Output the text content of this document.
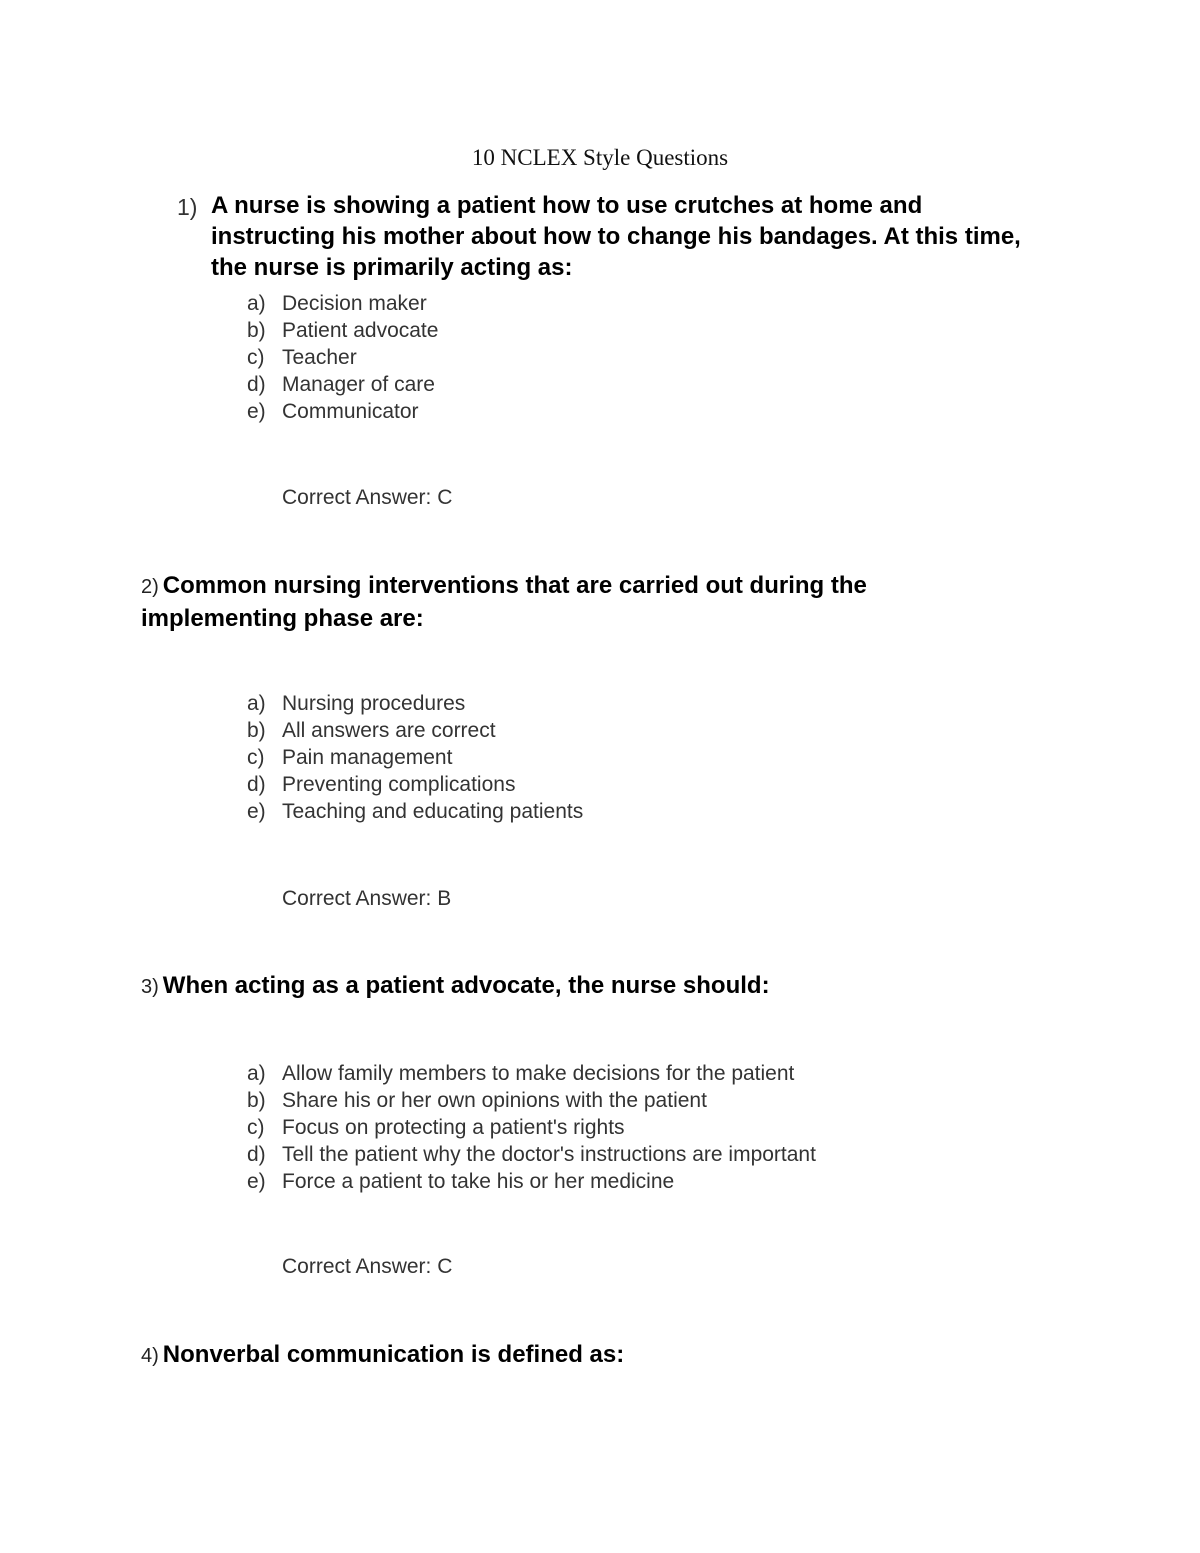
10 NCLEX Style Questions
1) A nurse is showing a patient how to use crutches at home and
instructing his mother about how to change his bandages. At this time,
the nurse is primarily acting as:
a) Decision maker
b) Patient advocate
c) Teacher
d) Manager of care
e) Communicator
Correct Answer: C
2) Common nursing interventions that are carried out during the
implementing phase are:
a) Nursing procedures
b) All answers are correct
c) Pain management
d) Preventing complications
e) Teaching and educating patients
Correct Answer: B
3) When acting as a patient advocate, the nurse should:
a) Allow family members to make decisions for the patient
b) Share his or her own opinions with the patient
c) Focus on protecting a patient's rights
d) Tell the patient why the doctor's instructions are important
e) Force a patient to take his or her medicine
Correct Answer: C
4) Nonverbal communication is defined as:
